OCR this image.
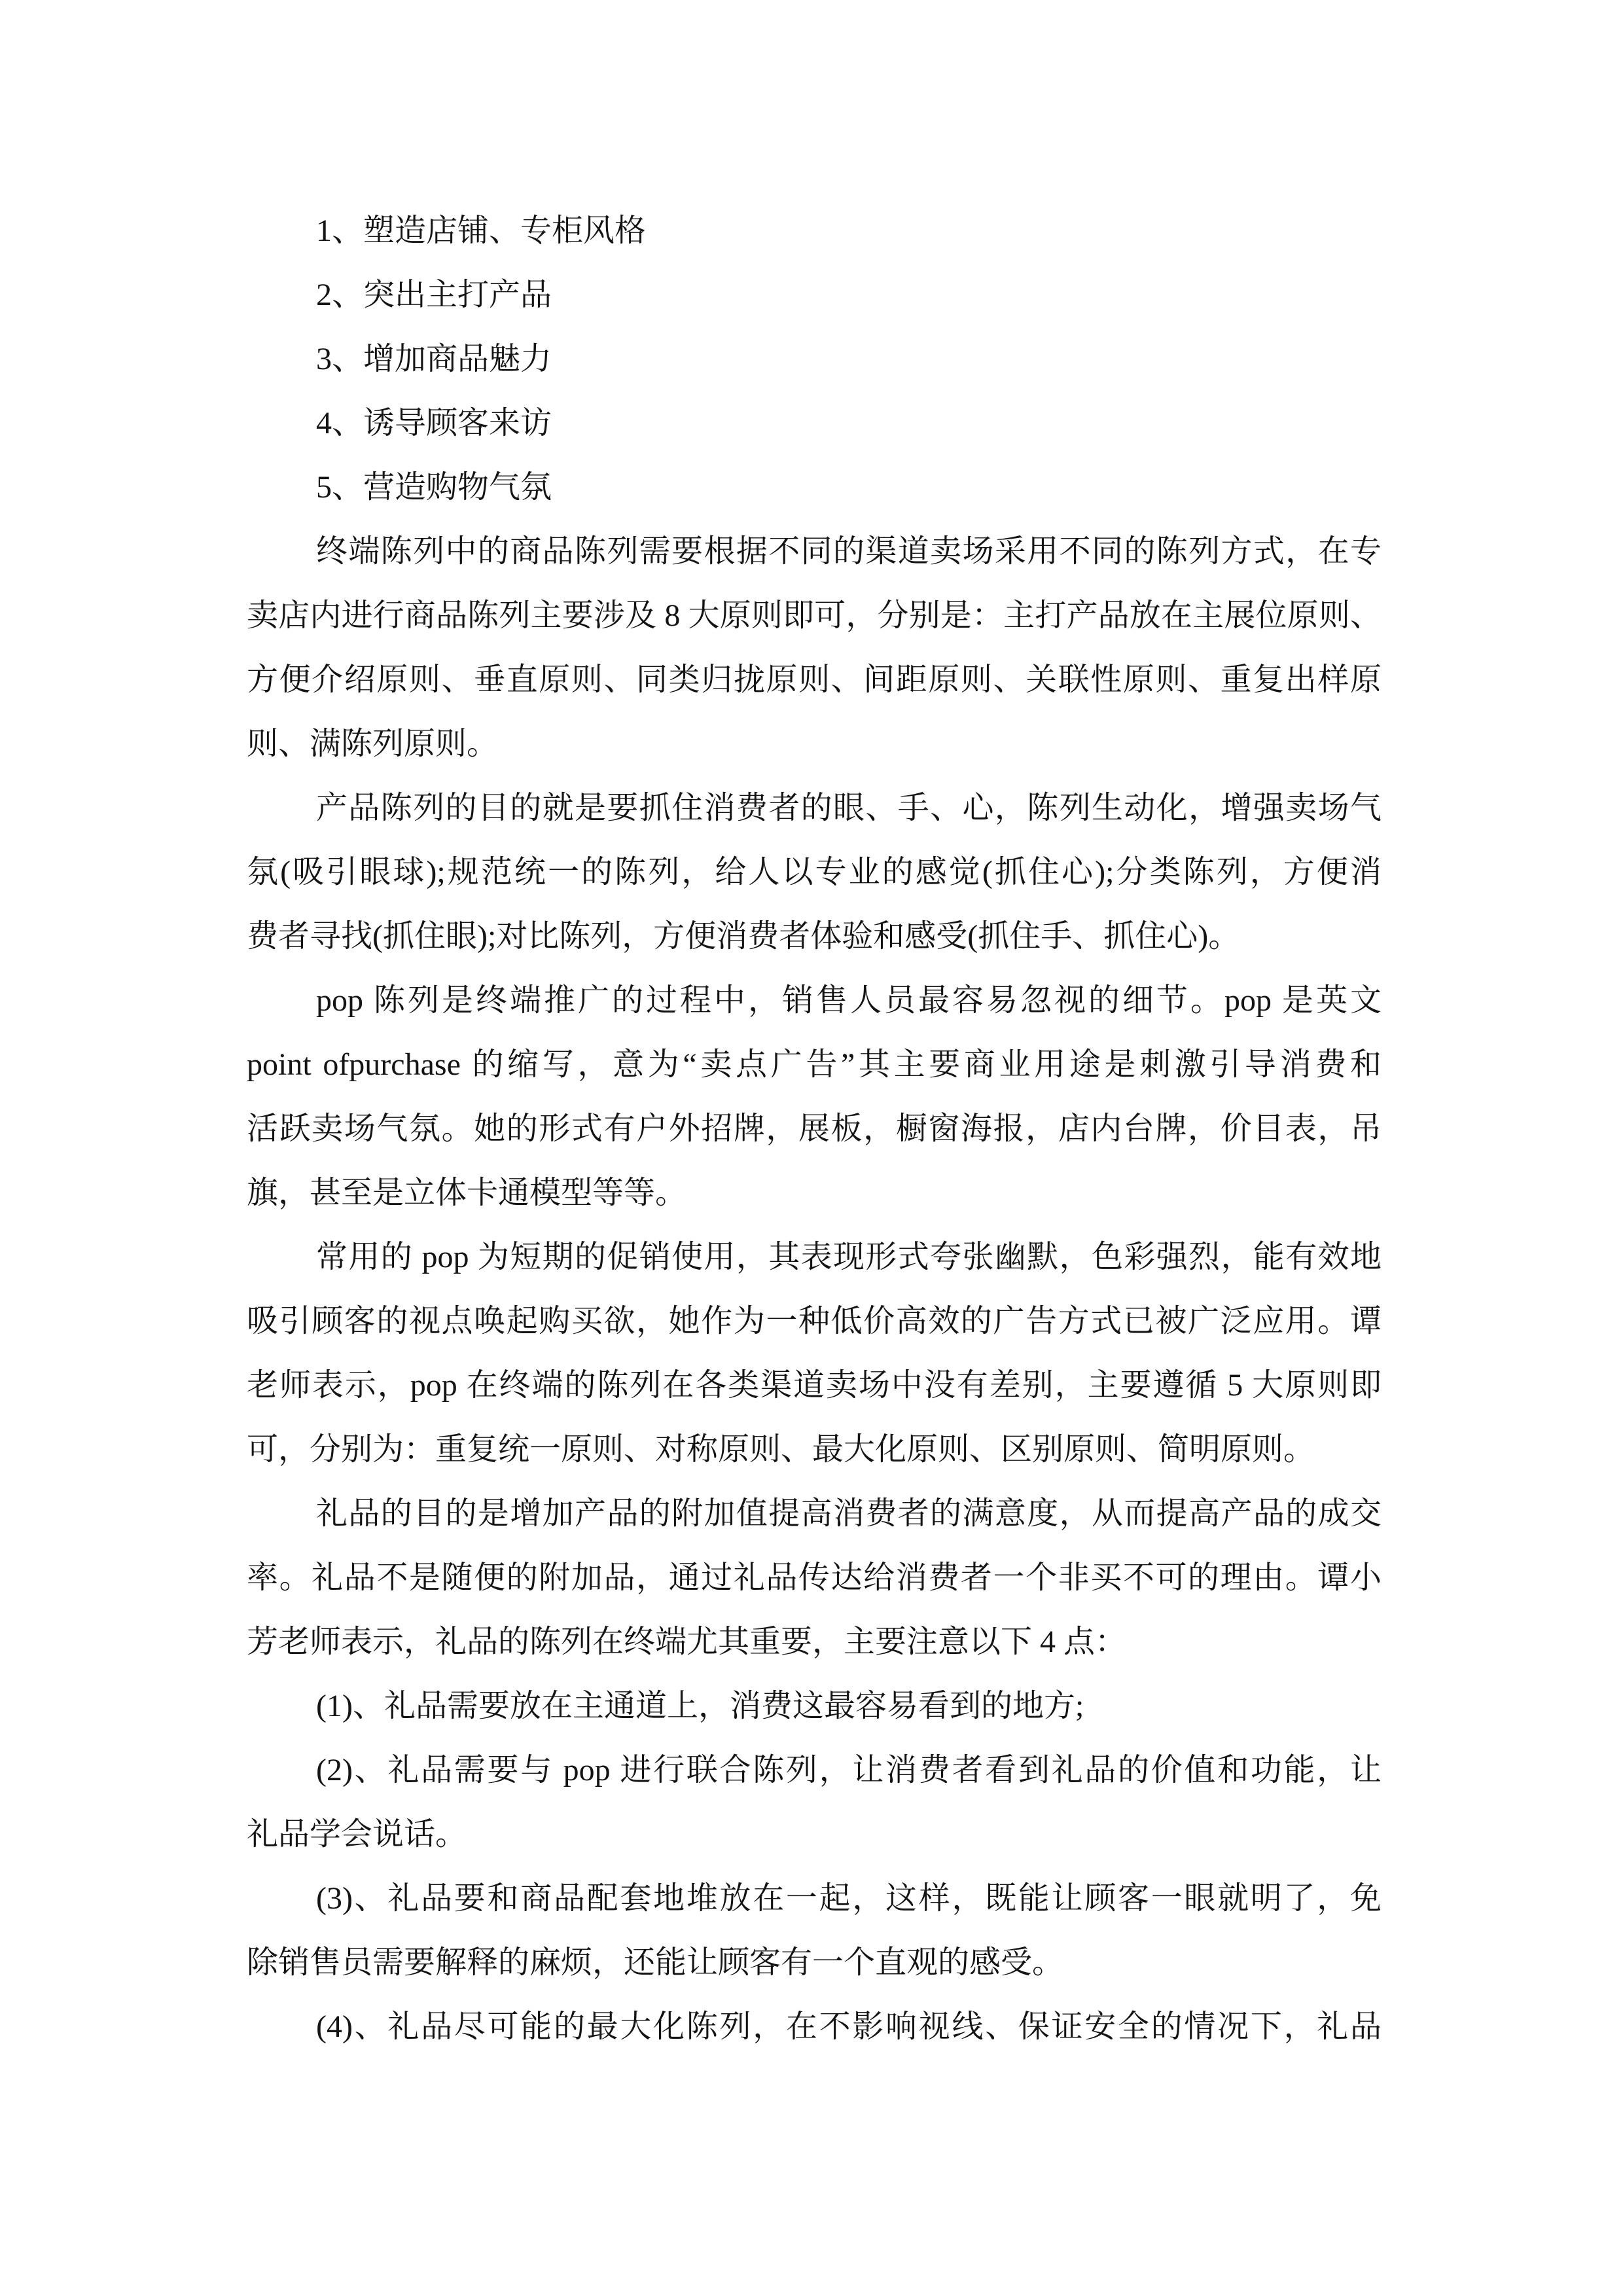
1、塑造店铺、专柜风格
2、突出主打产品
3、增加商品魅力
4、诱导顾客来访
5、营造购物气氛
终端陈列中的商品陈列需要根据不同的渠道卖场采用不同的陈列方式，在专
卖店内进行商品陈列主要涉及 8 大原则即可，分别是：主打产品放在主展位原则、
方便介绍原则、垂直原则、同类归拢原则、间距原则、关联性原则、重复出样原
则、满陈列原则。
产品陈列的目的就是要抓住消费者的眼、手、心，陈列生动化，增强卖场气
氛(吸引眼球);规范统一的陈列，给人以专业的感觉(抓住心);分类陈列，方便消
费者寻找(抓住眼);对比陈列，方便消费者体验和感受(抓住手、抓住心)。
pop 陈列是终端推广的过程中，销售人员最容易忽视的细节。pop 是英文
point ofpurchase 的缩写，意为“卖点广告”其主要商业用途是刺激引导消费和
活跃卖场气氛。她的形式有户外招牌，展板，橱窗海报，店内台牌，价目表，吊
旗，甚至是立体卡通模型等等。
常用的 pop 为短期的促销使用，其表现形式夸张幽默，色彩强烈，能有效地
吸引顾客的视点唤起购买欲，她作为一种低价高效的广告方式已被广泛应用。谭
老师表示，pop 在终端的陈列在各类渠道卖场中没有差别，主要遵循 5 大原则即
可，分别为：重复统一原则、对称原则、最大化原则、区别原则、简明原则。
礼品的目的是增加产品的附加值提高消费者的满意度，从而提高产品的成交
率。礼品不是随便的附加品，通过礼品传达给消费者一个非买不可的理由。谭小
芳老师表示，礼品的陈列在终端尤其重要，主要注意以下 4 点：
(1)、礼品需要放在主通道上，消费这最容易看到的地方;
(2)、礼品需要与 pop 进行联合陈列，让消费者看到礼品的价值和功能，让
礼品学会说话。
(3)、礼品要和商品配套地堆放在一起，这样，既能让顾客一眼就明了，免
除销售员需要解释的麻烦，还能让顾客有一个直观的感受。
(4)、礼品尽可能的最大化陈列，在不影响视线、保证安全的情况下，礼品
